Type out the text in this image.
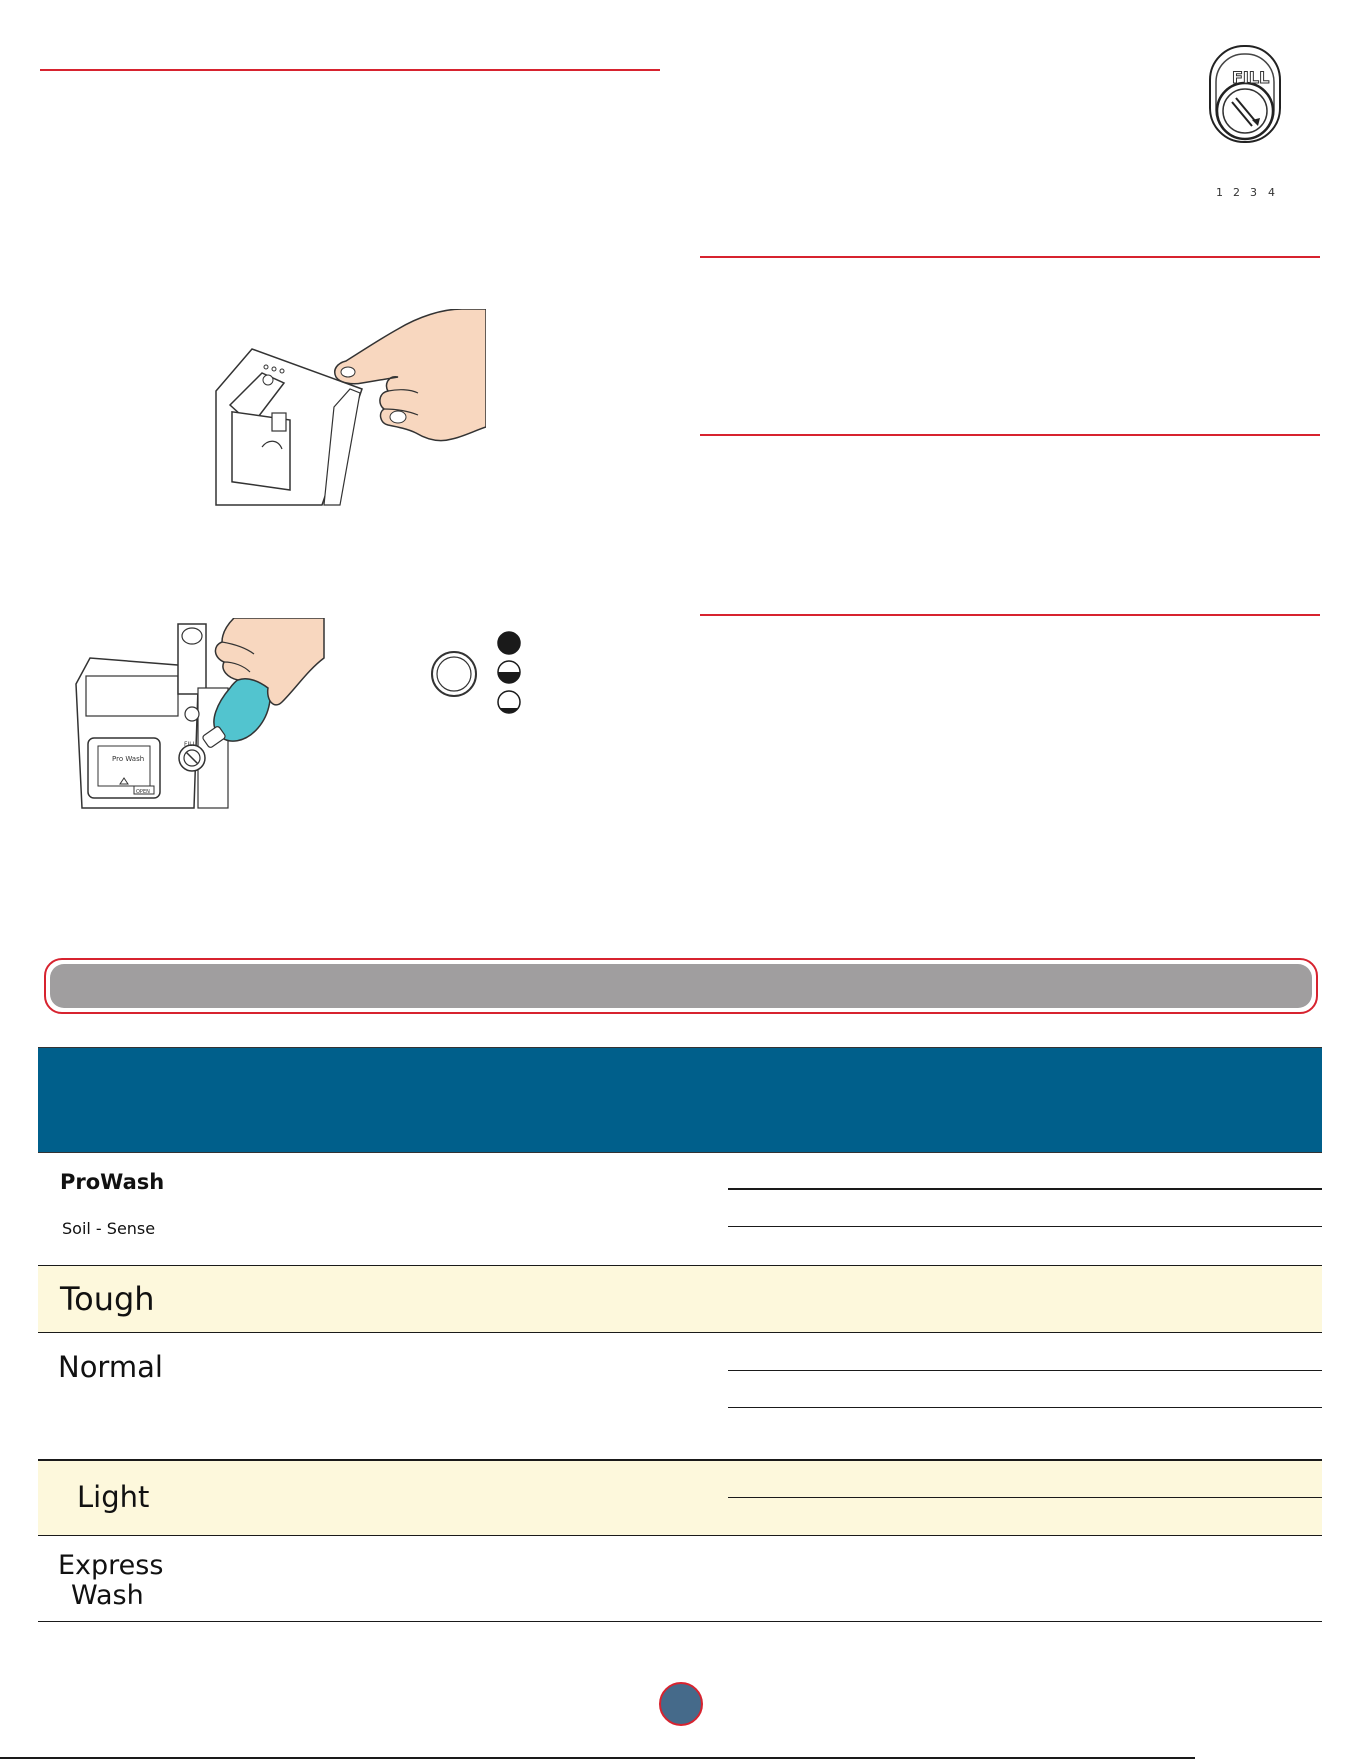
FILL
1 2 3 4
Pro Wash
OPEN
FILL
ProWash
Soil - Sense
Tough
Normal
Light
Express
Wash
